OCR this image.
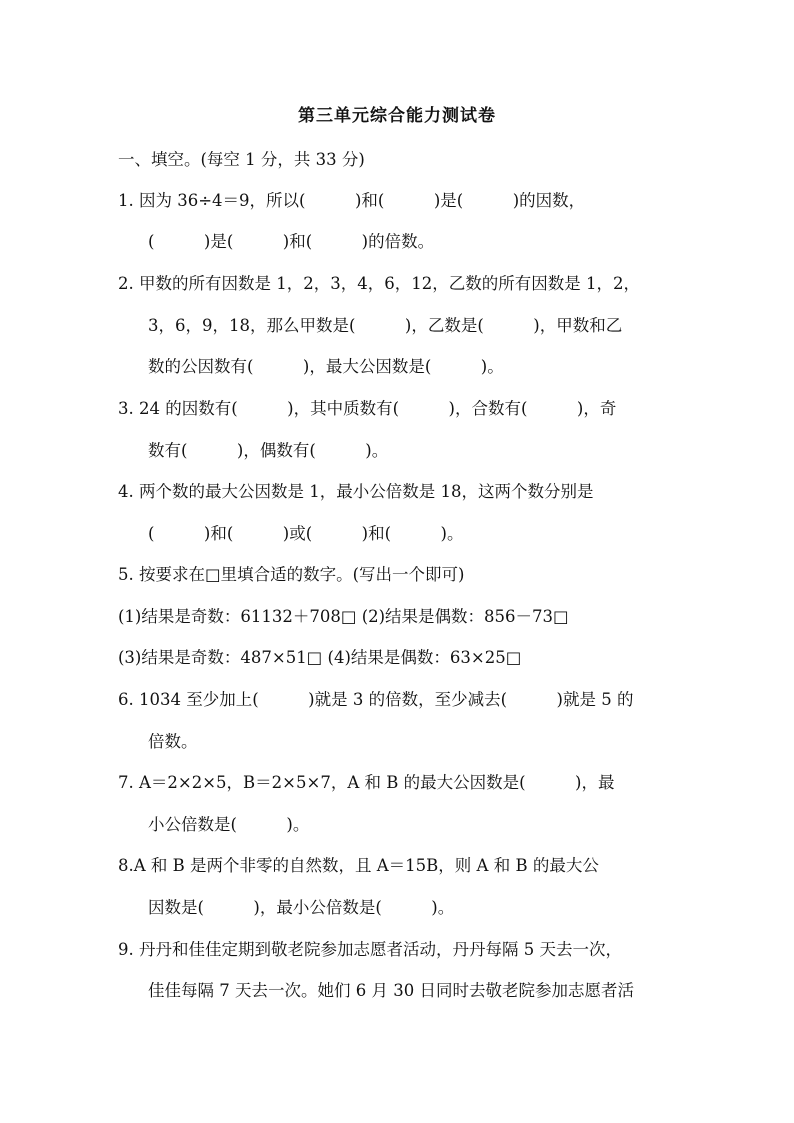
第三单元综合能力测试卷
一、填空。(每空 1 分，共 33 分)
1. 因为 36÷4＝9，所以(　　　)和(　　　)是(　　　)的因数，
(　　　)是(　　　)和(　　　)的倍数。
2. 甲数的所有因数是 1，2，3，4，6，12，乙数的所有因数是 1，2，
3，6，9，18，那么甲数是(　　　)，乙数是(　　　)，甲数和乙
数的公因数有(　　　)，最大公因数是(　　　)。
3. 24 的因数有(　　　)，其中质数有(　　　)，合数有(　　　)，奇
数有(　　　)，偶数有(　　　)。
4. 两个数的最大公因数是 1，最小公倍数是 18，这两个数分别是
(　　　)和(　　　)或(　　　)和(　　　)。
5. 按要求在□里填合适的数字。(写出一个即可)
(1)结果是奇数：61132＋708□ (2)结果是偶数：856－73□
(3)结果是奇数：487×51□ (4)结果是偶数：63×25□
6. 1034 至少加上(　　　)就是 3 的倍数，至少减去(　　　)就是 5 的
倍数。
7. A＝2×2×5，B＝2×5×7，A 和 B 的最大公因数是(　　　)，最
小公倍数是(　　　)。
8.A 和 B 是两个非零的自然数，且 A＝15B，则 A 和 B 的最大公
因数是(　　　)，最小公倍数是(　　　)。
9. 丹丹和佳佳定期到敬老院参加志愿者活动，丹丹每隔 5 天去一次，
佳佳每隔 7 天去一次。她们 6 月 30 日同时去敬老院参加志愿者活
